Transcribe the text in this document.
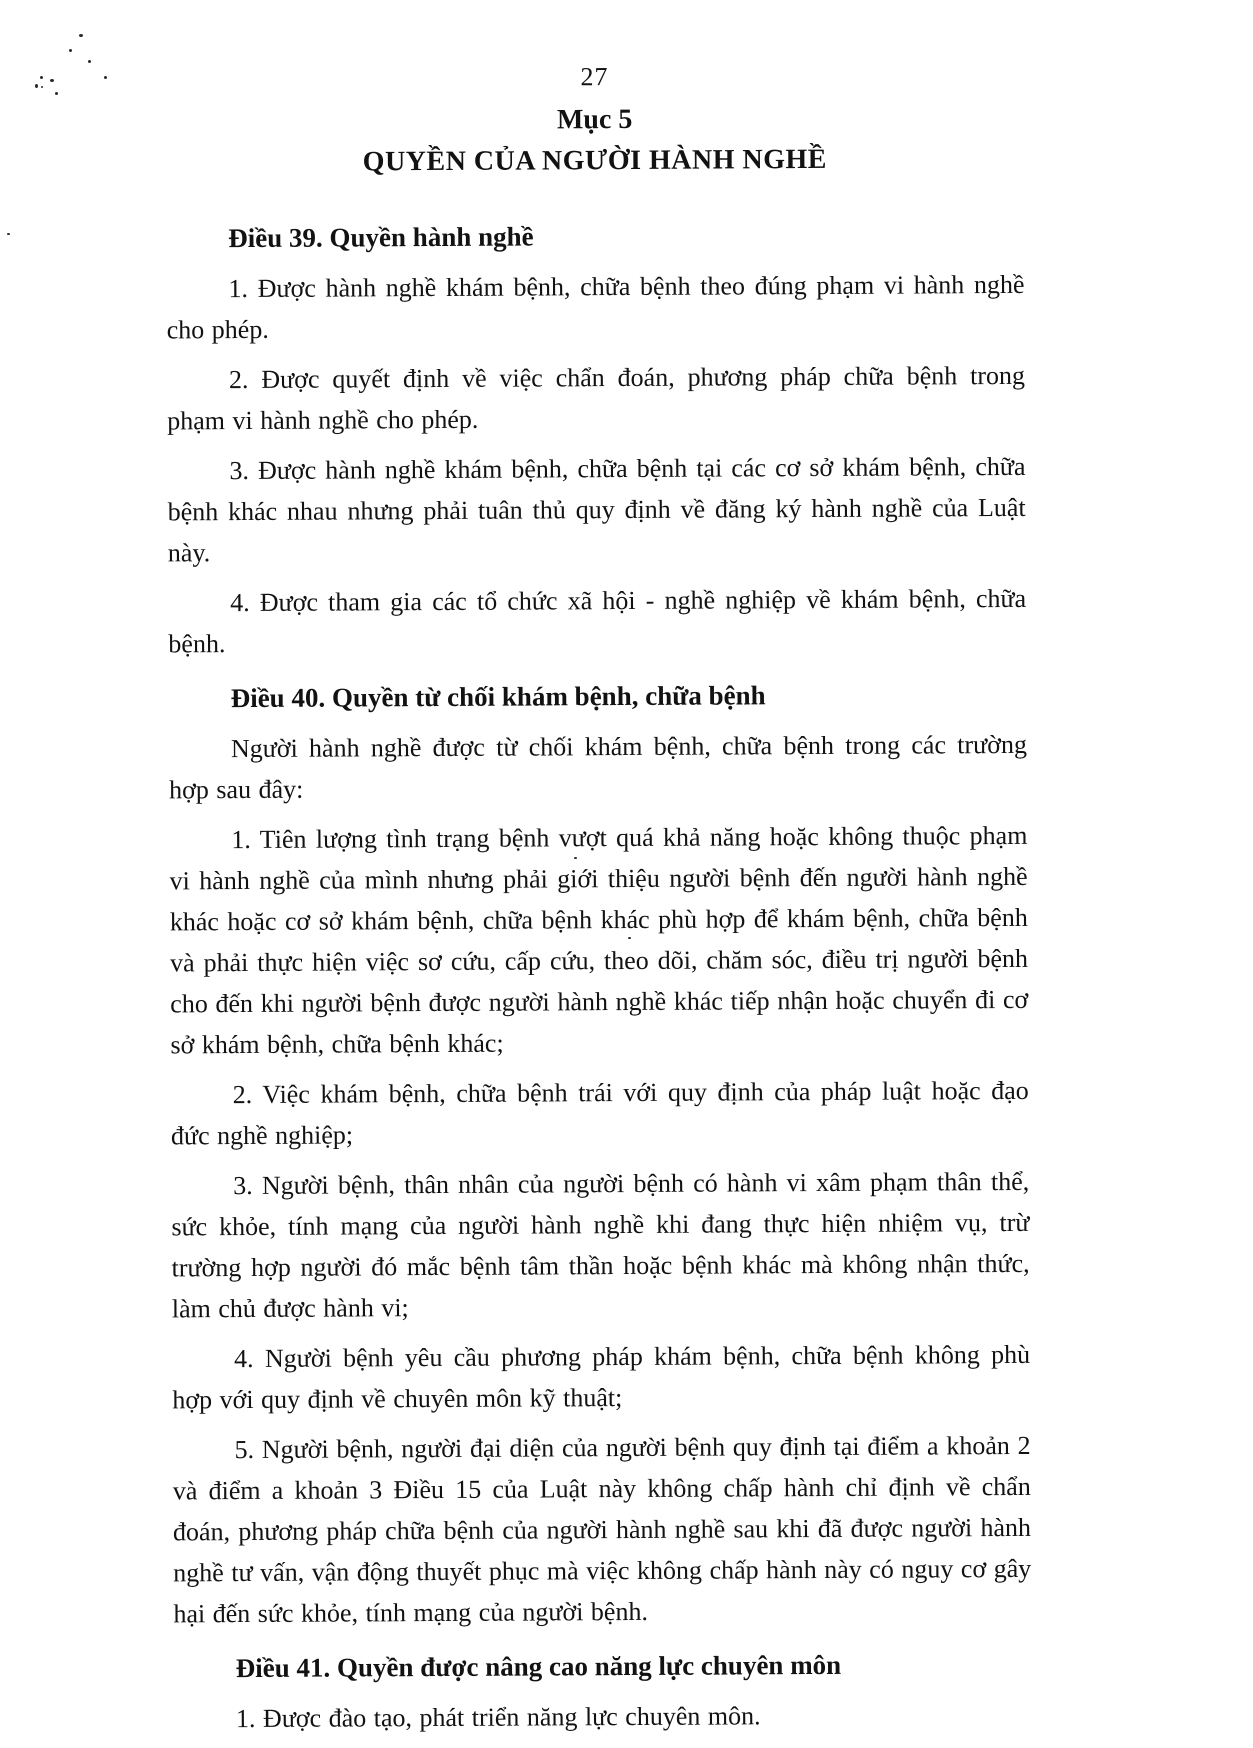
27
Mục 5
QUYỀN CỦA NGƯỜI HÀNH NGHỀ
Điều 39. Quyền hành nghề

1. Được hành nghề khám bệnh, chữa bệnh theo đúng phạm vi hành nghề cho phép.

2. Được quyết định về việc chẩn đoán, phương pháp chữa bệnh trong phạm vi hành nghề cho phép.

3. Được hành nghề khám bệnh, chữa bệnh tại các cơ sở khám bệnh, chữa bệnh khác nhau nhưng phải tuân thủ quy định về đăng ký hành nghề của Luật này.

4. Được tham gia các tổ chức xã hội - nghề nghiệp về khám bệnh, chữa bệnh.

Điều 40. Quyền từ chối khám bệnh, chữa bệnh

Người hành nghề được từ chối khám bệnh, chữa bệnh trong các trường hợp sau đây:

1. Tiên lượng tình trạng bệnh vượt quá khả năng hoặc không thuộc phạm vi hành nghề của mình nhưng phải giới thiệu người bệnh đến người hành nghề khác hoặc cơ sở khám bệnh, chữa bệnh khác phù hợp để khám bệnh, chữa bệnh và phải thực hiện việc sơ cứu, cấp cứu, theo dõi, chăm sóc, điều trị người bệnh cho đến khi người bệnh được người hành nghề khác tiếp nhận hoặc chuyển đi cơ sở khám bệnh, chữa bệnh khác;

2. Việc khám bệnh, chữa bệnh trái với quy định của pháp luật hoặc đạo đức nghề nghiệp;

3. Người bệnh, thân nhân của người bệnh có hành vi xâm phạm thân thể, sức khỏe, tính mạng của người hành nghề khi đang thực hiện nhiệm vụ, trừ trường hợp người đó mắc bệnh tâm thần hoặc bệnh khác mà không nhận thức, làm chủ được hành vi;

4. Người bệnh yêu cầu phương pháp khám bệnh, chữa bệnh không phù hợp với quy định về chuyên môn kỹ thuật;

5. Người bệnh, người đại diện của người bệnh quy định tại điểm a khoản 2 và điểm a khoản 3 Điều 15 của Luật này không chấp hành chỉ định về chẩn đoán, phương pháp chữa bệnh của người hành nghề sau khi đã được người hành nghề tư vấn, vận động thuyết phục mà việc không chấp hành này có nguy cơ gây hại đến sức khỏe, tính mạng của người bệnh.

Điều 41. Quyền được nâng cao năng lực chuyên môn

1. Được đào tạo, phát triển năng lực chuyên môn.
